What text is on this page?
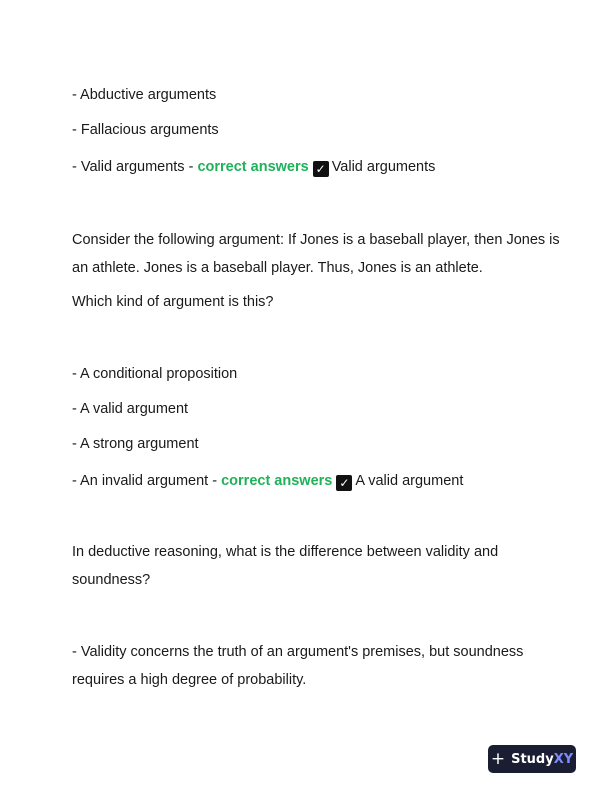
- Abductive arguments
- Fallacious arguments
- Valid arguments - correct answers ✓ Valid arguments
Consider the following argument: If Jones is a baseball player, then Jones is
an athlete. Jones is a baseball player. Thus, Jones is an athlete.
Which kind of argument is this?
- A conditional proposition
- A valid argument
- A strong argument
- An invalid argument - correct answers ✓ A valid argument
In deductive reasoning, what is the difference between validity and
soundness?
- Validity concerns the truth of an argument's premises, but soundness
requires a high degree of probability.
+ StudyXY
